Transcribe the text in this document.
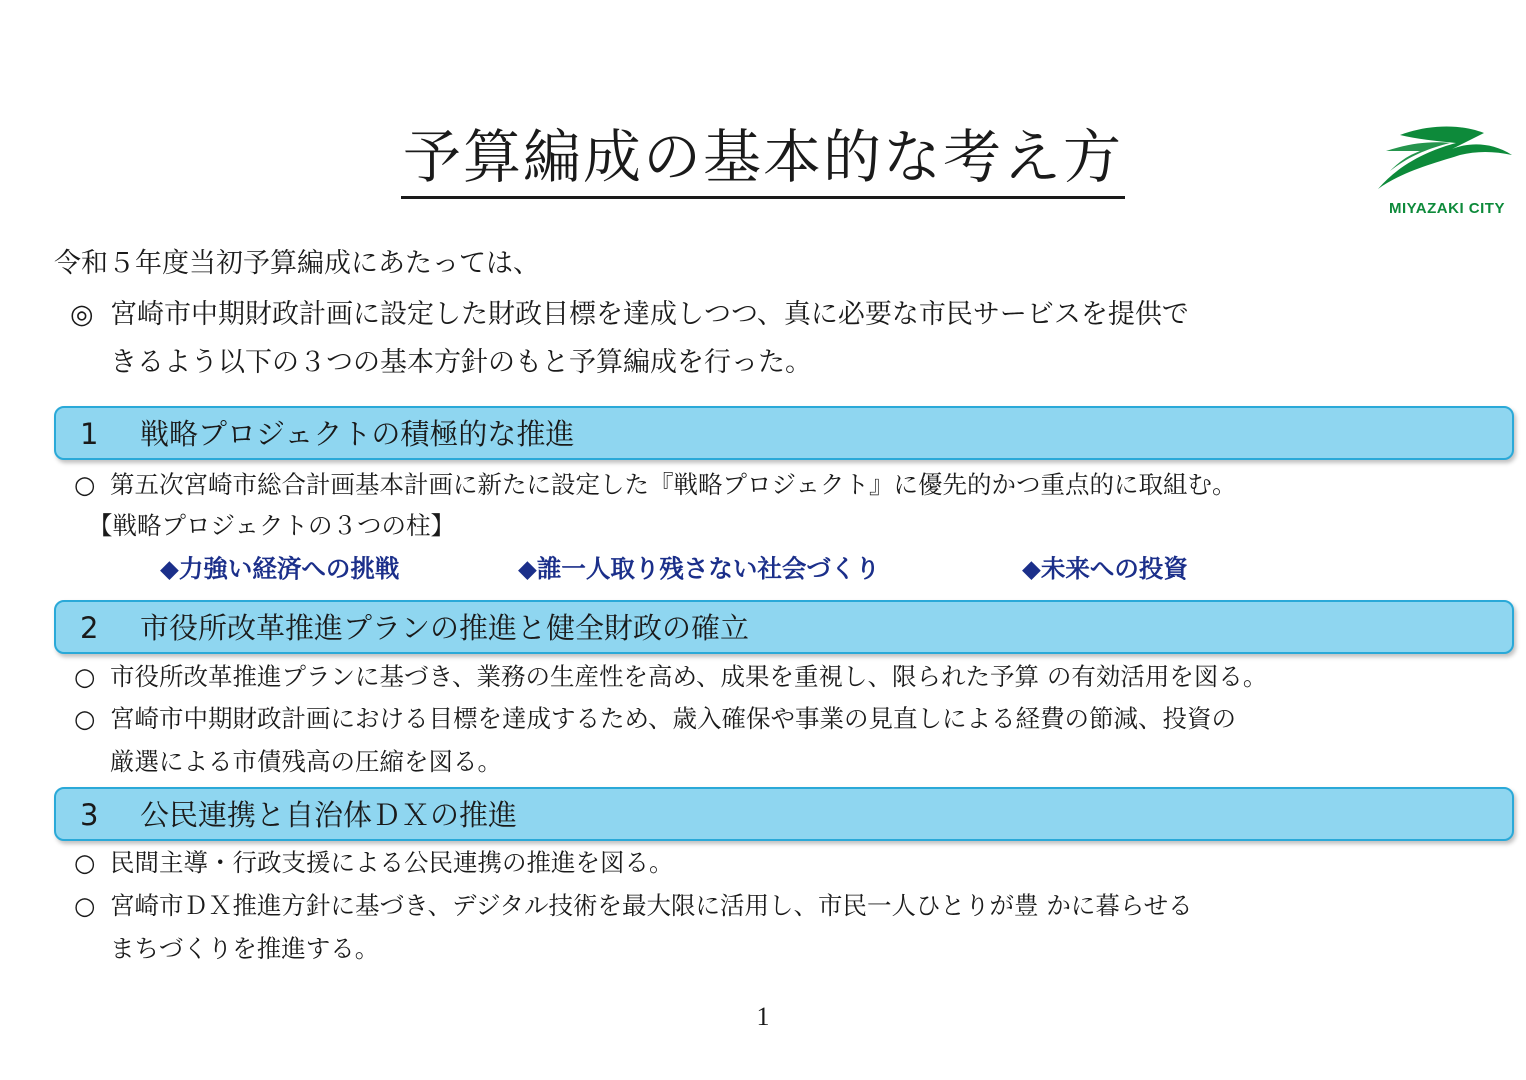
予算編成の基本的な考え方
MIYAZAKI CITY
令和５年度当初予算編成にあたっては、
◎ 宮崎市中期財政計画に設定した財政目標を達成しつつ、真に必要な市民サービスを提供で
きるよう以下の３つの基本方針のもと予算編成を行った。
1 戦略プロジェクトの積極的な推進
○ 第五次宮崎市総合計画基本計画に新たに設定した『戦略プロジェクト』に優先的かつ重点的に取組む。
【戦略プロジェクトの３つの柱】
◆力強い経済への挑戦	◆誰一人取り残さない社会づくり	◆未来への投資
2 市役所改革推進プランの推進と健全財政の確立
○ 市役所改革推進プランに基づき、業務の生産性を高め、成果を重視し、限られた予算 の有効活用を図る。
○ 宮崎市中期財政計画における目標を達成するため、歳入確保や事業の見直しによる経費の節減、投資の
厳選による市債残高の圧縮を図る。
3 公民連携と自治体ＤＸの推進
○ 民間主導・行政支援による公民連携の推進を図る。
○ 宮崎市ＤＸ推進方針に基づき、デジタル技術を最大限に活用し、市民一人ひとりが豊 かに暮らせる
まちづくりを推進する。
1
